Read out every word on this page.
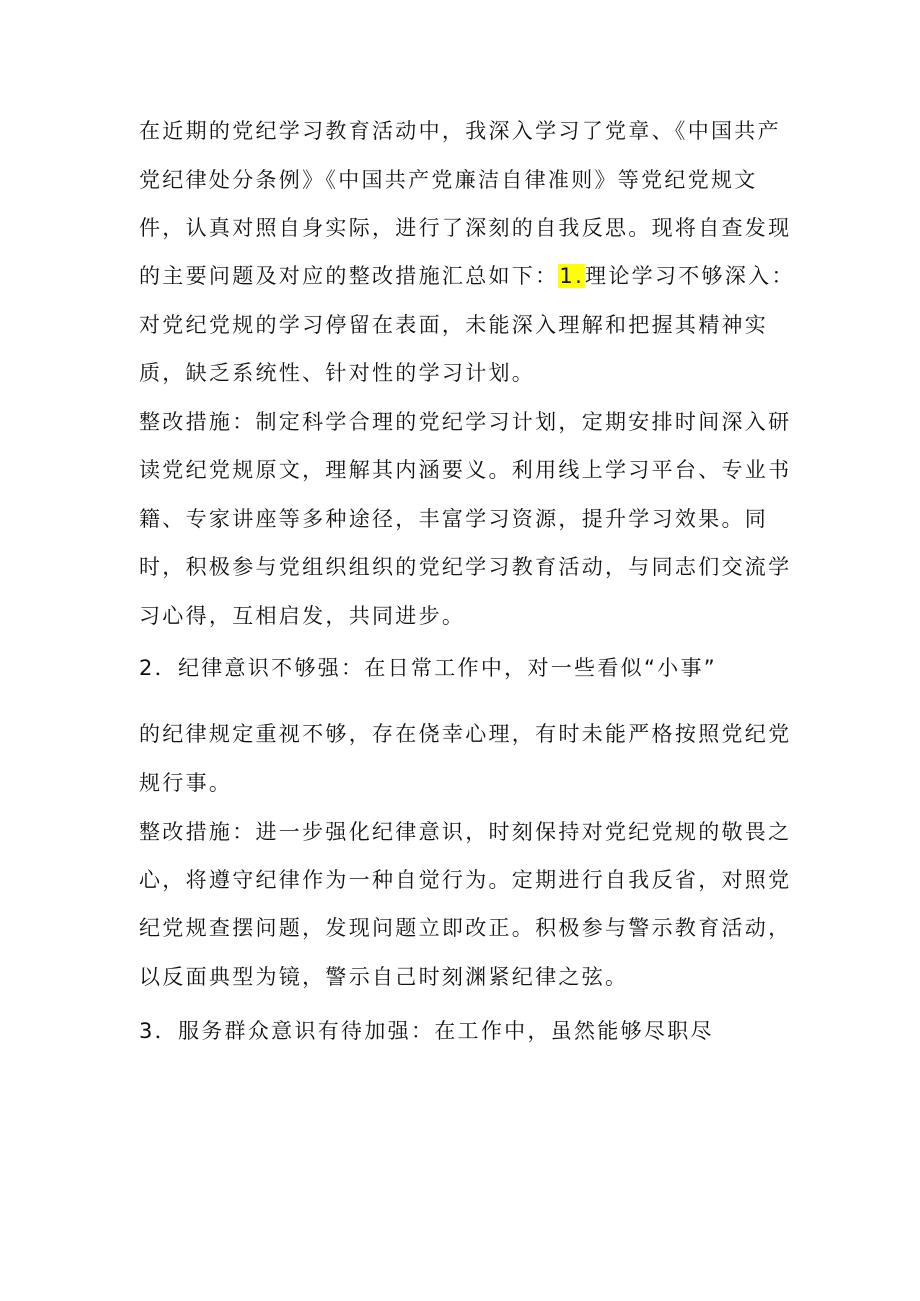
在近期的党纪学习教育活动中，我深入学习了党章、《中国共产
党纪律处分条例》《中国共产党廉洁自律准则》等党纪党规文
件，认真对照自身实际，进行了深刻的自我反思。现将自查发现
的主要问题及对应的整改措施汇总如下：1.理论学习不够深入：
对党纪党规的学习停留在表面，未能深入理解和把握其精神实
质，缺乏系统性、针对性的学习计划。
整改措施：制定科学合理的党纪学习计划，定期安排时间深入研
读党纪党规原文，理解其内涵要义。利用线上学习平台、专业书
籍、专家讲座等多种途径，丰富学习资源，提升学习效果。同
时，积极参与党组织组织的党纪学习教育活动，与同志们交流学
习心得，互相启发，共同进步。
2．纪律意识不够强：在日常工作中，对一些看似“小事”
的纪律规定重视不够，存在侥幸心理，有时未能严格按照党纪党
规行事。
整改措施：进一步强化纪律意识，时刻保持对党纪党规的敬畏之
心，将遵守纪律作为一种自觉行为。定期进行自我反省，对照党
纪党规查摆问题，发现问题立即改正。积极参与警示教育活动，
以反面典型为镜，警示自己时刻渊紧纪律之弦。
3．服务群众意识有待加强：在工作中，虽然能够尽职尽
